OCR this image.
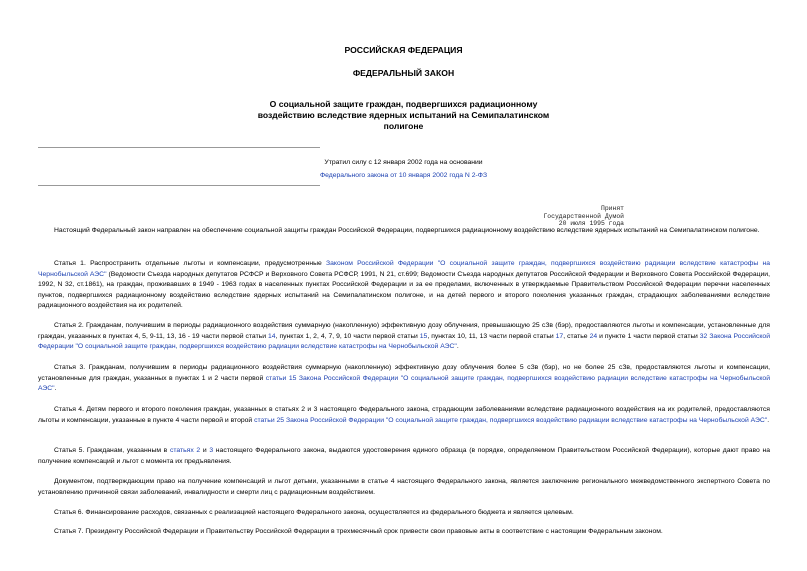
РОССИЙСКАЯ ФЕДЕРАЦИЯ
ФЕДЕРАЛЬНЫЙ ЗАКОН
О социальной защите граждан, подвергшихся радиационному
воздействию вследствие ядерных испытаний на Семипалатинском
полигоне
Утратил силу с 12 января 2002 года на основании
Федерального закона от 10 января 2002 года N 2-ФЗ
Принят
Государственной Думой
20 июля 1995 года
Настоящий Федеральный закон направлен на обеспечение социальной защиты граждан Российской Федерации, подвергшихся радиационному воздействию вследствие ядерных испытаний на Семипалатинском полигоне.
Статья 1. Распространить отдельные льготы и компенсации, предусмотренные Законом Российской Федерации "О социальной защите граждан, подвергшихся воздействию радиации вследствие катастрофы на Чернобыльской АЭС" (Ведомости Съезда народных депутатов РСФСР и Верховного Совета РСФСР, 1991, N 21, ст.699; Ведомости Съезда народных депутатов Российской Федерации и Верховного Совета Российской Федерации, 1992, N 32, ст.1861), на граждан, проживавших в 1949 - 1963 годах в населенных пунктах Российской Федерации и за ее пределами, включенных в утверждаемые Правительством Российской Федерации перечни населенных пунктов, подвергшихся радиационному воздействию вследствие ядерных испытаний на Семипалатинском полигоне, и на детей первого и второго поколения указанных граждан, страдающих заболеваниями вследствие радиационного воздействия на их родителей.
Статья 2. Гражданам, получившим в периоды радиационного воздействия суммарную (накопленную) эффективную дозу облучения, превышающую 25 сЗв (бэр), предоставляются льготы и компенсации, установленные для граждан, указанных в пунктах 4, 5, 9-11, 13, 16 - 19 части первой статьи 14, пунктах 1, 2, 4, 7, 9, 10 части первой статьи 15, пунктах 10, 11, 13 части первой статьи 17, статье 24 и пункте 1 части первой статьи 32 Закона Российской Федерации "О социальной защите граждан, подвергшихся воздействию радиации вследствие катастрофы на Чернобыльской АЭС".
Статья 3. Гражданам, получившим в периоды радиационного воздействия суммарную (накопленную) эффективную дозу облучения более 5 сЗв (бэр), но не более 25 сЗв, предоставляются льготы и компенсации, установленные для граждан, указанных в пунктах 1 и 2 части первой статьи 15 Закона Российской Федерации "О социальной защите граждан, подвергшихся воздействию радиации вследствие катастрофы на Чернобыльской АЭС".
Статья 4. Детям первого и второго поколения граждан, указанных в статьях 2 и 3 настоящего Федерального закона, страдающим заболеваниями вследствие радиационного воздействия на их родителей, предоставляются льготы и компенсации, указанные в пункте 4 части первой и второй статьи 25 Закона Российской Федерации "О социальной защите граждан, подвергшихся воздействию радиации вследствие катастрофы на Чернобыльской АЭС".
Статья 5. Гражданам, указанным в статьях 2 и 3 настоящего Федерального закона, выдаются удостоверения единого образца (в порядке, определяемом Правительством Российской Федерации), которые дают право на получение компенсаций и льгот с момента их предъявления.
Документом, подтверждающим право на получение компенсаций и льгот детьми, указанными в статье 4 настоящего Федерального закона, является заключение регионального межведомственного экспертного Совета по установлению причинной связи заболеваний, инвалидности и смерти лиц с радиационным воздействием.
Статья 6. Финансирование расходов, связанных с реализацией настоящего Федерального закона, осуществляется из федерального бюджета и является целевым.
Статья 7. Президенту Российской Федерации и Правительству Российской Федерации в трехмесячный срок привести свои правовые акты в соответствие с настоящим Федеральным законом.
